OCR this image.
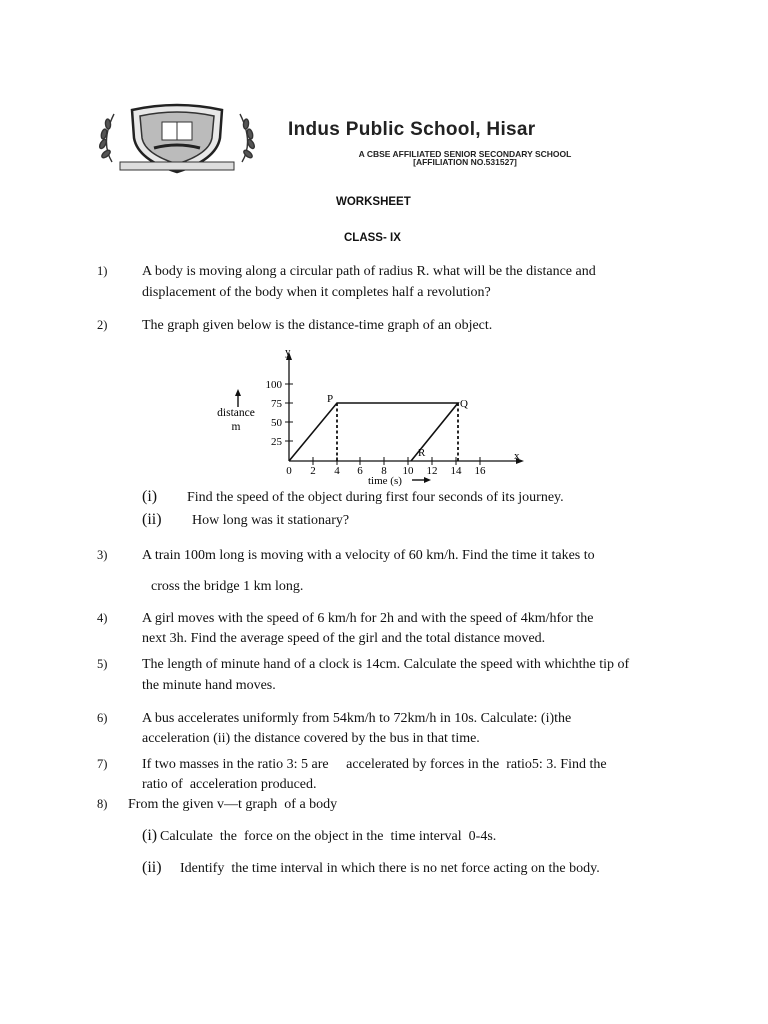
Indus Public School, Hisar
A CBSE AFFILIATED SENIOR SECONDARY SCHOOL
[AFFILIATION NO.531527]
WORKSHEET
CLASS- IX
1) A body is moving along a circular path of radius R. what will be the distance and
displacement of the body when it completes half a revolution?
2) The graph given below is the distance-time graph of an object.
y
x
25
50
75
100
0 2 4 6 8 10 12 14 16
P	Q
R
distance
m
time (s)
(i) Find the speed of the object during first four seconds of its journey.
(ii) How long was it stationary?
3) A train 100m long is moving with a velocity of 60 km/h. Find the time it takes to
cross the bridge 1 km long.
4) A girl moves with the speed of 6 km/h for 2h and with the speed of 4km/hfor the
next 3h. Find the average speed of the girl and the total distance moved.
5) The length of minute hand of a clock is 14cm. Calculate the speed with whichthe tip of
the minute hand moves.
6) A bus accelerates uniformly from 54km/h to 72km/h in 10s. Calculate: (i)the
acceleration (ii) the distance covered by the bus in that time.
7) If two masses in the ratio 3: 5 are     accelerated by forces in the  ratio5: 3. Find the
ratio of  acceleration produced.
8) From the given v—t graph  of a body
(i) Calculate  the  force on the object in the  time interval  0-4s.
(ii) Identify  the time interval in which there is no net force acting on the body.
